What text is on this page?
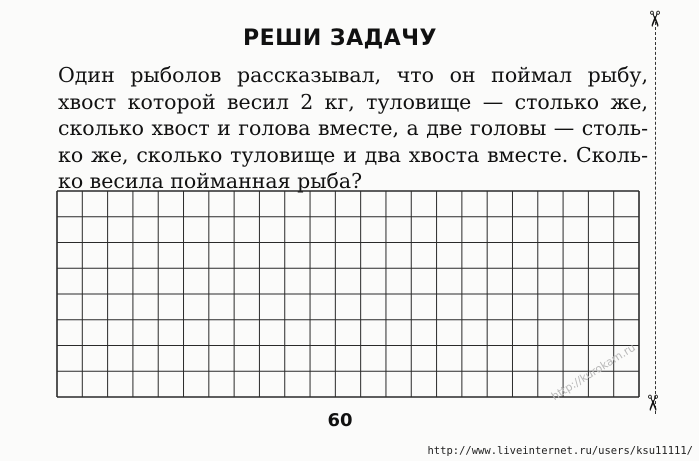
РЕШИ ЗАДАЧУ
Один рыболов рассказывал, что он поймал рыбу,
хвост которой весил 2 кг, туловище — столько же,
сколько хвост и голова вместе, а две головы — столь-
ко же, сколько туловище и два хвоста вместе. Сколь-
ко весила пойманная рыба?
✂
✂
60
http://kurokam.ru
http://www.liveinternet.ru/users/ksu11111/
